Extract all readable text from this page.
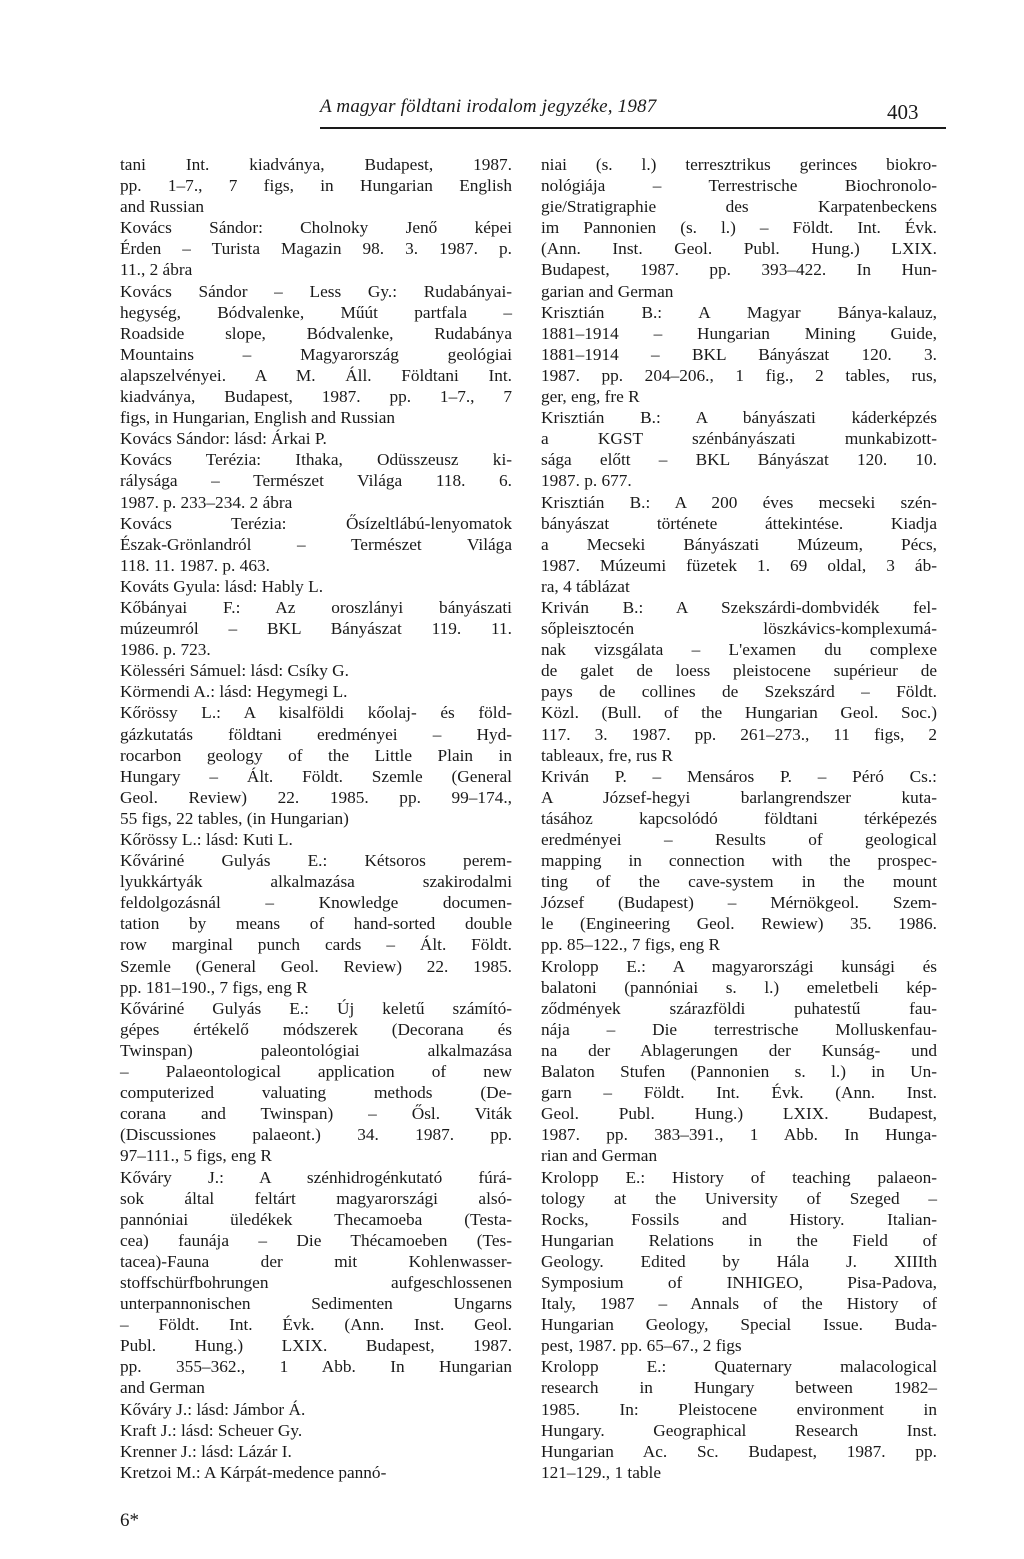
A magyar földtani irodalom jegyzéke, 1987	403
tani Int. kiadványa, Budapest, 1987.
pp. 1–7., 7 figs, in Hungarian English
and Russian
Kovács Sándor: Cholnoky Jenő képei
Érden – Turista Magazin 98. 3. 1987. p.
11., 2 ábra
Kovács Sándor – Less Gy.: Rudabányai-
hegység, Bódvalenke, Műút partfala –
Roadside slope, Bódvalenke, Rudabánya
Mountains – Magyarország geológiai
alapszelvényei. A M. Áll. Földtani Int.
kiadványa, Budapest, 1987. pp. 1–7., 7
figs, in Hungarian, English and Russian
Kovács Sándor: lásd: Árkai P.
Kovács Terézia: Ithaka, Odüsszeusz ki-
rálysága – Természet Világa 118. 6.
1987. p. 233–234. 2 ábra
Kovács Terézia: Ősízeltlábú-lenyomatok
Észak-Grönlandról – Természet Világa
118. 11. 1987. p. 463.
Kováts Gyula: lásd: Hably L.
Kőbányai F.: Az oroszlányi bányászati
múzeumról – BKL Bányászat 119. 11.
1986. p. 723.
Kölesséri Sámuel: lásd: Csíky G.
Körmendi A.: lásd: Hegymegi L.
Kőrössy L.: A kisalföldi kőolaj- és föld-
gázkutatás földtani eredményei – Hyd-
rocarbon geology of the Little Plain in
Hungary – Ált. Földt. Szemle (General
Geol. Review) 22. 1985. pp. 99–174.,
55 figs, 22 tables, (in Hungarian)
Kőrössy L.: lásd: Kuti L.
Kőváriné Gulyás E.: Kétsoros perem-
lyukkártyák alkalmazása szakirodalmi
feldolgozásnál – Knowledge documen-
tation by means of hand-sorted double
row marginal punch cards – Ált. Földt.
Szemle (General Geol. Review) 22. 1985.
pp. 181–190., 7 figs, eng R
Kőváriné Gulyás E.: Új keletű számító-
gépes értékelő módszerek (Decorana és
Twinspan) paleontológiai alkalmazása
– Palaeontological application of new
computerized valuating methods (De-
corana and Twinspan) – Ősl. Viták
(Discussiones palaeont.) 34. 1987. pp.
97–111., 5 figs, eng R
Kőváry J.: A szénhidrogénkutató fúrá-
sok által feltárt magyarországi alsó-
pannóniai üledékek Thecamoeba (Testa-
cea) faunája – Die Thécamoeben (Tes-
tacea)-Fauna der mit Kohlenwasser-
stoffschürfbohrungen aufgeschlossenen
unterpannonischen Sedimenten Ungarns
– Földt. Int. Évk. (Ann. Inst. Geol.
Publ. Hung.) LXIX. Budapest, 1987.
pp. 355–362., 1 Abb. In Hungarian
and German
Kőváry J.: lásd: Jámbor Á.
Kraft J.: lásd: Scheuer Gy.
Krenner J.: lásd: Lázár I.
Kretzoi M.: A Kárpát-medence pannó-
niai (s. l.) terresztrikus gerinces biokro-
nológiája – Terrestrische Biochronolo-
gie/Stratigraphie des Karpatenbeckens
im Pannonien (s. l.) – Földt. Int. Évk.
(Ann. Inst. Geol. Publ. Hung.) LXIX.
Budapest, 1987. pp. 393–422. In Hun-
garian and German
Krisztián B.: A Magyar Bánya-kalauz,
1881–1914 – Hungarian Mining Guide,
1881–1914 – BKL Bányászat 120. 3.
1987. pp. 204–206., 1 fig., 2 tables, rus,
ger, eng, fre R
Krisztián B.: A bányászati káderképzés
a KGST szénbányászati munkabizott-
sága előtt – BKL Bányászat 120. 10.
1987. p. 677.
Krisztián B.: A 200 éves mecseki szén-
bányászat története áttekintése. Kiadja
a Mecseki Bányászati Múzeum, Pécs,
1987. Múzeumi füzetek 1. 69 oldal, 3 áb-
ra, 4 táblázat
Kriván B.: A Szekszárdi-dombvidék fel-
sőpleisztocén löszkávics-komplexumá-
nak vizsgálata – L'examen du complexe
de galet de loess pleistocene supérieur de
pays de collines de Szekszárd – Földt.
Közl. (Bull. of the Hungarian Geol. Soc.)
117. 3. 1987. pp. 261–273., 11 figs, 2
tableaux, fre, rus R
Kriván P. – Mensáros P. – Péró Cs.:
A József-hegyi barlangrendszer kuta-
tásához kapcsolódó földtani térképezés
eredményei – Results of geological
mapping in connection with the prospec-
ting of the cave-system in the mount
József (Budapest) – Mérnökgeol. Szem-
le (Engineering Geol. Rewiew) 35. 1986.
pp. 85–122., 7 figs, eng R
Krolopp E.: A magyarországi kunsági és
balatoni (pannóniai s. l.) emeletbeli kép-
ződmények szárazföldi puhatestű fau-
nája – Die terrestrische Molluskenfau-
na der Ablagerungen der Kunság- und
Balaton Stufen (Pannonien s. l.) in Un-
garn – Földt. Int. Évk. (Ann. Inst.
Geol. Publ. Hung.) LXIX. Budapest,
1987. pp. 383–391., 1 Abb. In Hunga-
rian and German
Krolopp E.: History of teaching palaeon-
tology at the University of Szeged –
Rocks, Fossils and History. Italian-
Hungarian Relations in the Field of
Geology. Edited by Hála J. XIIIth
Symposium of INHIGEO, Pisa-Padova,
Italy, 1987 – Annals of the History of
Hungarian Geology, Special Issue. Buda-
pest, 1987. pp. 65–67., 2 figs
Krolopp E.: Quaternary malacological
research in Hungary between 1982–
1985. In: Pleistocene environment in
Hungary. Geographical Research Inst.
Hungarian Ac. Sc. Budapest, 1987. pp.
121–129., 1 table
6*
